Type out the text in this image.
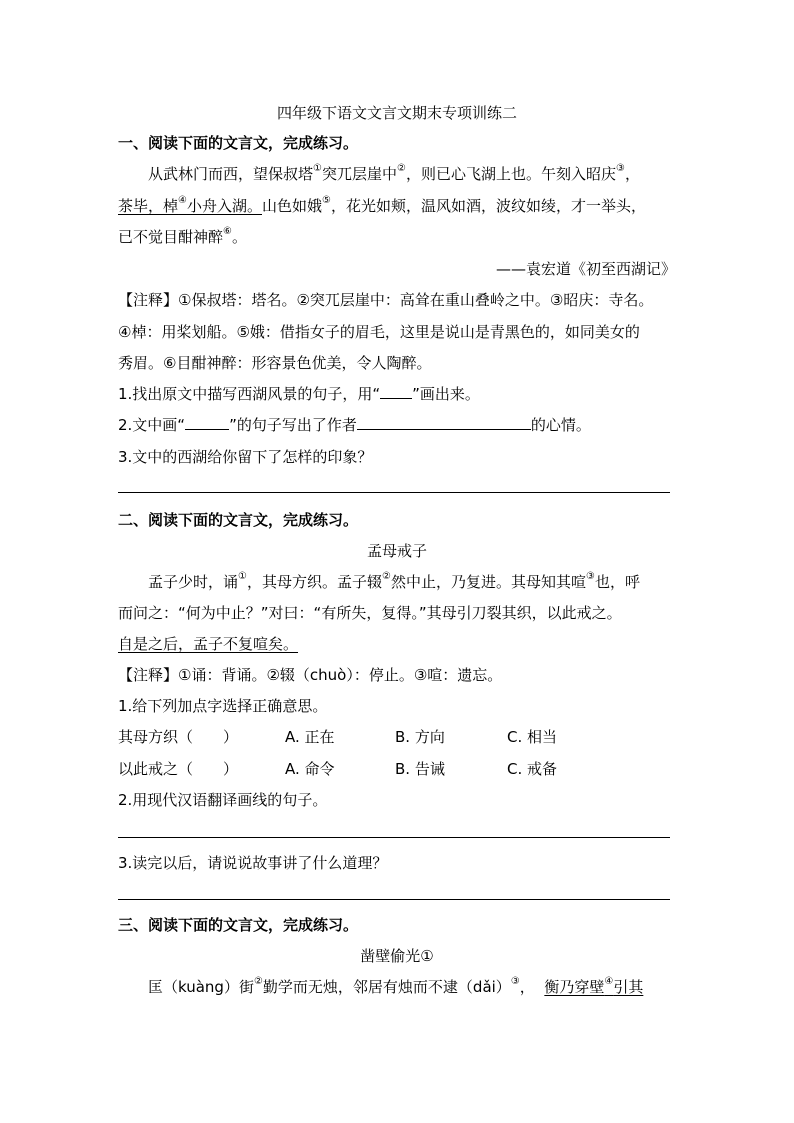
四年级下语文文言文期末专项训练二
一、阅读下面的文言文，完成练习。
从武林门而西，望保叔塔①突兀层崖中②，则已心飞湖上也。午刻入昭庆③，
茶毕，棹④小舟入湖。山色如娥⑤，花光如颊，温风如酒，波纹如绫，才一举头，
已不觉目酣神醉⑥。
——袁宏道《初至西湖记》
【注释】①保叔塔：塔名。②突兀层崖中：高耸在重山叠岭之中。③昭庆：寺名。
④棹：用桨划船。⑤娥：借指女子的眉毛，这里是说山是青黑色的，如同美女的
秀眉。⑥目酣神醉：形容景色优美，令人陶醉。
1.找出原文中描写西湖风景的句子，用“ ”画出来。
2.文中画“	”的句子写出了作者	的心情。
3.文中的西湖给你留下了怎样的印象？
二、阅读下面的文言文，完成练习。
孟母戒子
孟子少时，诵①，其母方织。孟子辍②然中止，乃复进。其母知其喧③也，呼
而问之：“何为中止？”对曰：“有所失，复得。”其母引刀裂其织，以此戒之。
自是之后，孟子不复喧矣。
【注释】①诵：背诵。②辍（chuò）：停止。③喧：遗忘。
1.给下列加点字选择正确意思。
其母方织（　　）	A. 正在	B. 方向	C. 相当
以此戒之（　　）	A. 命令	B. 告诫	C. 戒备
2.用现代汉语翻译画线的句子。
3.读完以后，请说说故事讲了什么道理？
三、阅读下面的文言文，完成练习。
凿壁偷光①
匡（kuàng）街②勤学而无烛，邻居有烛而不逮（dǎi）③， 衡乃穿壁④引其
